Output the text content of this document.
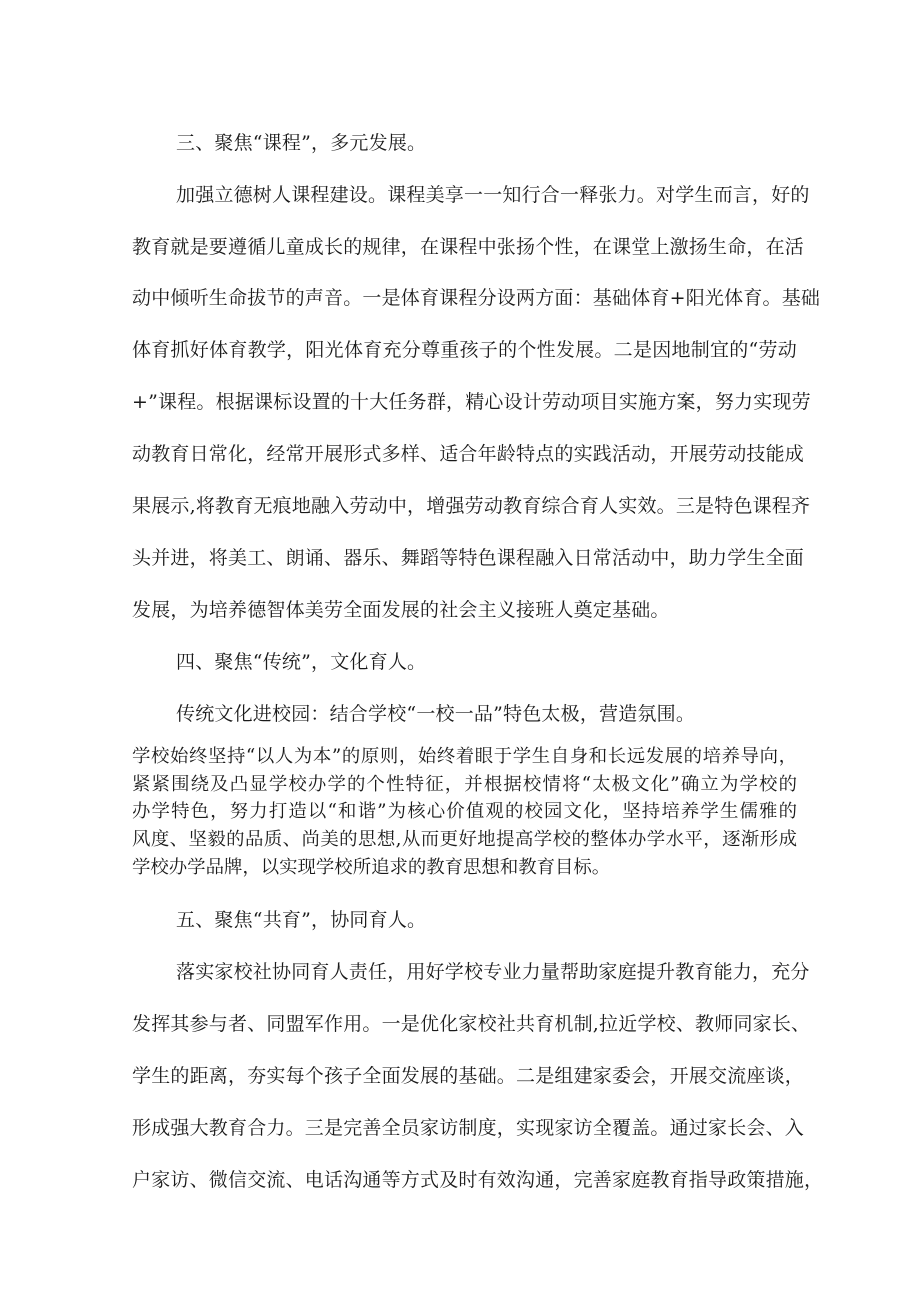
三、聚焦“课程”，多元发展。
加强立德树人课程建设。课程美享一一知行合一释张力。对学生而言，好的
教育就是要遵循儿童成长的规律，在课程中张扬个性，在课堂上激扬生命，在活
动中倾听生命拔节的声音。一是体育课程分设两方面：基础体育+阳光体育。基础
体育抓好体育教学，阳光体育充分尊重孩子的个性发展。二是因地制宜的“劳动
+”课程。根据课标设置的十大任务群，精心设计劳动项目实施方案，努力实现劳
动教育日常化，经常开展形式多样、适合年龄特点的实践活动，开展劳动技能成
果展示,将教育无痕地融入劳动中，增强劳动教育综合育人实效。三是特色课程齐
头并进，将美工、朗诵、器乐、舞蹈等特色课程融入日常活动中，助力学生全面
发展，为培养德智体美劳全面发展的社会主义接班人奠定基础。
四、聚焦“传统”，文化育人。
传统文化进校园：结合学校“一校一品”特色太极，营造氛围。
学校始终坚持“以人为本”的原则，始终着眼于学生自身和长远发展的培养导向，
紧紧围绕及凸显学校办学的个性特征，并根据校情将“太极文化”确立为学校的
办学特色，努力打造以“和谐”为核心价值观的校园文化，坚持培养学生儒雅的
风度、坚毅的品质、尚美的思想,从而更好地提高学校的整体办学水平，逐渐形成
学校办学品牌，以实现学校所追求的教育思想和教育目标。
五、聚焦“共育”，协同育人。
落实家校社协同育人责任，用好学校专业力量帮助家庭提升教育能力，充分
发挥其参与者、同盟军作用。一是优化家校社共育机制,拉近学校、教师同家长、
学生的距离，夯实每个孩子全面发展的基础。二是组建家委会，开展交流座谈，
形成强大教育合力。三是完善全员家访制度，实现家访全覆盖。通过家长会、入
户家访、微信交流、电话沟通等方式及时有效沟通，完善家庭教育指导政策措施，
